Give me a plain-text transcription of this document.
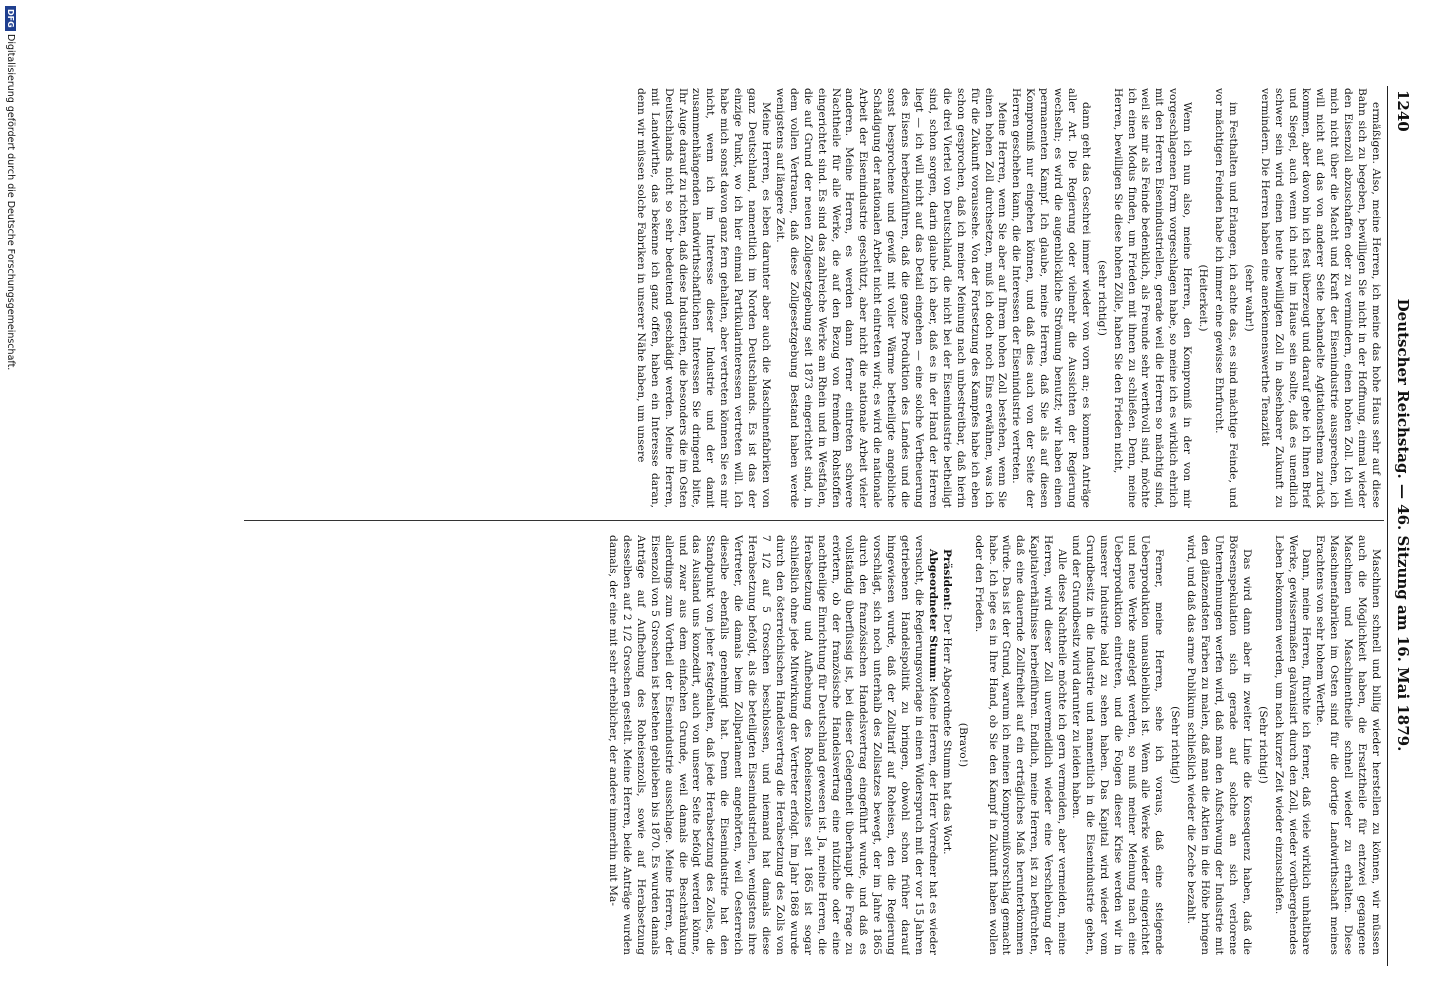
1240
Deutscher Reichstag. — 46. Sitzung am 16. Mai 1879.

ermäßigen. Also, meine Herren, ich meine das hohe Haus sehr auf diese Bahn sich zu begeben, bewilligen Sie nicht in der Hoffnung, einmal wieder den Eisenzoll abzuschaffen oder zu vermindern, einen hohen Zoll. Ich will mich nicht über die Macht und Kraft der Eisenindustrie aussprechen, ich will nicht auf das von anderer Seite behandelte Agitationsthema zurück kommen, aber davon bin ich fest überzeugt und darauf gehe ich Ihnen Brief und Siegel, auch wenn ich nicht im Hause sein sollte, daß es unendlich schwer sein wird einen heute bewilligten Zoll in absehbarer Zukunft zu vermindern. Die Herren haben eine anerkennenswerthe Tenazität

(sehr wahr!)

im Festhalten und Erlangen, ich achte das, es sind mächtige Feinde, und vor mächtigen Feinden habe ich immer eine gewisse Ehrfurcht.

(Heiterkeit.)

Wenn ich nun also, meine Herren, den Kompromiß in der von mir vorgeschlagenen Form vorgeschlagen habe, so meine ich es wirklich ehrlich mit den Herren Eisenindustriellen, gerade weil die Herren so mächtig sind, weil sie mir als Feinde bedenklich, als Freunde sehr werthvoll sind, möchte ich einen Modus finden, um Frieden mit ihnen zu schließen. Denn, meine Herren, bewilligen Sie diese hohen Zölle, haben Sie den Frieden nicht,

(sehr richtig!)

dann geht das Geschrei immer wieder von vorn an; es kommen Anträge aller Art. Die Regierung oder vielmehr die Aussichten der Regierung wechseln; es wird die augenblickliche Strömung benutzt; wir haben einen permanenten Kampf. Ich glaube, meine Herren, daß Sie als auf diesen Kompromiß nur eingehen können, und daß dies auch von der Seite der Herren geschehen kann, die die Interessen der Eisenindustrie vertreten.

Meine Herren, wenn Sie aber auf Ihrem hohen Zoll bestehen, wenn Sie einen hohen Zoll durchsetzen, muß ich doch noch Eins erwähnen, was ich für die Zukunft voraussehe. Von der Fortsetzung des Kampfes habe ich eben schon gesprochen, daß ich meiner Meinung nach unbestreitbar, daß hierin die drei Viertel von Deutschland, die nicht bei der Eisenindustrie betheiligt sind, schon sorgen, darin glaube ich aber, daß es in der Hand der Herren liegt — ich will nicht auf das Detail eingehen — eine solche Vertheuerung des Eisens herbeizuführen, daß die ganze Produktion des Landes und die sonst besprochene und gewiß mit voller Wärme betheiligte angebliche Schädigung der nationalen Arbeit nicht eintreten wird; es wird die nationale Arbeit der Eisenindustrie geschützt, aber nicht die nationale Arbeit vieler anderen. Meine Herren, es werden dann ferner eintreten schwere Nachtheile für alle Werke, die auf den Bezug von fremdem Rohstoffen eingerichtet sind. Es sind das zahlreiche Werke am Rhein und in Westfalen, die auf Grund der neuen Zollgesetzgebung seit 1873 eingerichtet sind, in dem vollen Vertrauen, daß diese Zollgesetzgebung Bestand haben werde wenigstens auf längere Zeit.

Meine Herren, es leben darunter aber auch die Maschinenfabriken von ganz Deutschland, namentlich im Norden Deutschlands. Es ist das der einzige Punkt, wo ich hier einmal Partikularinteressen vertreten will. Ich habe mich sonst davon ganz fern gehalten, aber vertreten können Sie es mir nicht, wenn ich im Interesse dieser Industrie und der damit zusammenhängenden landwirthschaftlichen Interessen Sie dringend bitte, Ihr Auge darauf zu richten, daß diese Industrien, die besonders die im Osten Deutschlands nicht so sehr bedeutend geschädigt werden. Meine Herren, mit Landwirthe, das bekenne ich ganz offen, haben ein Interesse daran, denn wir müssen solche Fabriken in unserer Nähe haben, um unsere

Maschinen schnell und billig wieder herstellen zu können, wir müssen auch die Möglichkeit haben, die Ersatztheile für entzwei gegangene Maschinen und Maschinentheile schnell wieder zu erhalten. Diese Maschinenfabriken im Osten sind für die dortige Landwirthschaft meines Erachtens von sehr hohem Werthe.

Dann, meine Herren, fürchte ich ferner, daß viele wirklich unhaltbare Werke, gewissermaßen galvanisirt durch den Zoll, wieder vorübergehendes Leben bekommen werden, um nach kurzer Zeit wieder einzuschlafen.

(Sehr richtig!)

Das wird dann aber in zweiter Linie die Konsequenz haben, daß die Börsenspekulation sich gerade auf solche an sich verlorene Unternehmungen werfen wird, daß man den Aufschwung der Industrie mit den glänzendsten Farben zu malen, daß man die Aktien in die Höhe bringen wird, und daß das arme Publikum schließlich wieder die Zeche bezahlt.

(Sehr richtig!)

Ferner, meine Herren, sehe ich voraus, daß eine steigende Ueberproduktion unausbleiblich ist. Wenn alle Werke wieder eingerichtet und neue Werke angelegt werden, so muß meiner Meinung nach eine Ueberproduktion eintreten, und die Folgen dieser Krise werden wir in unserer Industrie bald zu sehen haben. Das Kapital wird wieder vom Grundbesitz in die Industrie und namentlich in die Eisenindustrie gehen, und der Grundbesitz wird darunter zu leiden haben.

Alle diese Nachtheile möchte ich gern vermeiden, aber vermeiden, meine Herren, wird dieser Zoll unvermeidlich wieder eine Verschiebung der Kapitalverhältnisse herbeiführen. Endlich, meine Herren, ist zu befürchten, daß eine dauernde Zollfreiheit auf ein erträgliches Maß herunterkommen würde. Das ist der Grund, warum ich meinen Kompromißvorschlag gemacht habe. Ich lege es in Ihre Hand, ob Sie den Kampf in Zukunft haben wollen oder den Frieden.

(Bravo!)

Präsident: Der Herr Abgeordnete Stumm hat das Wort.

Abgeordneter Stumm: Meine Herren, der Herr Vorredner hat es wieder versucht, die Regierungsvorlage in einen Widerspruch mit der vor 15 Jahren getriebenen Handelspolitik zu bringen, obwohl schon früher darauf hingewiesen wurde, daß der Zolltarif auf Roheisen, den die Regierung vorschlägt, sich noch unterhalb des Zollsatzes bewegt, der im Jahre 1865 durch den französischen Handelsvertrag eingeführt wurde, und daß es vollständig überflüssig ist, bei dieser Gelegenheit überhaupt die Frage zu erörtern, ob der französische Handelsvertrag eine nützliche oder eine nachtheilige Einrichtung für Deutschland gewesen ist. Ja, meine Herren, die Herabsetzung und Aufhebung des Roheisenzolles seit 1865 ist sogar schließlich ohne jede Mitwirkung der Vertreter erfolgt. Im Jahr 1868 wurde durch den österreichischen Handelsvertrag die Herabsetzung des Zolls von 7 1/2 auf 5 Groschen beschlossen, und niemand hat damals diese Herabsetzung befolgt, als die beteiligten Eisenindustriellen, wenigstens ihre Vertreter, die damals beim Zollparlament angehörten, weil Oesterreich dieselbe ebenfalls genehmigt hat. Denn die Eisenindustrie hat den Standpunkt von jeher festgehalten, daß jede Herabsetzung des Zolles, die das Ausland uns konzedirt, auch von unserer Seite befolgt werden könne, und zwar aus dem einfachen Grunde, weil damals die Beschränkung allerdings zum Vortheil der Eisenindustrie ausschlage. Meine Herren, der Eisenzoll von 5 Groschen ist bestehen geblieben bis 1870. Es wurden damals Anträge auf Aufhebung des Roheisenzolls, sowie auf Herabsetzung desselben auf 2 1/2 Groschen gestellt. Meine Herren, beide Anträge wurden damals, der eine mit sehr erheblicher, der andere immerhin mit Ma-

DFG
Digitalisierung gefördert durch die Deutsche Forschungsgemeinschaft.
